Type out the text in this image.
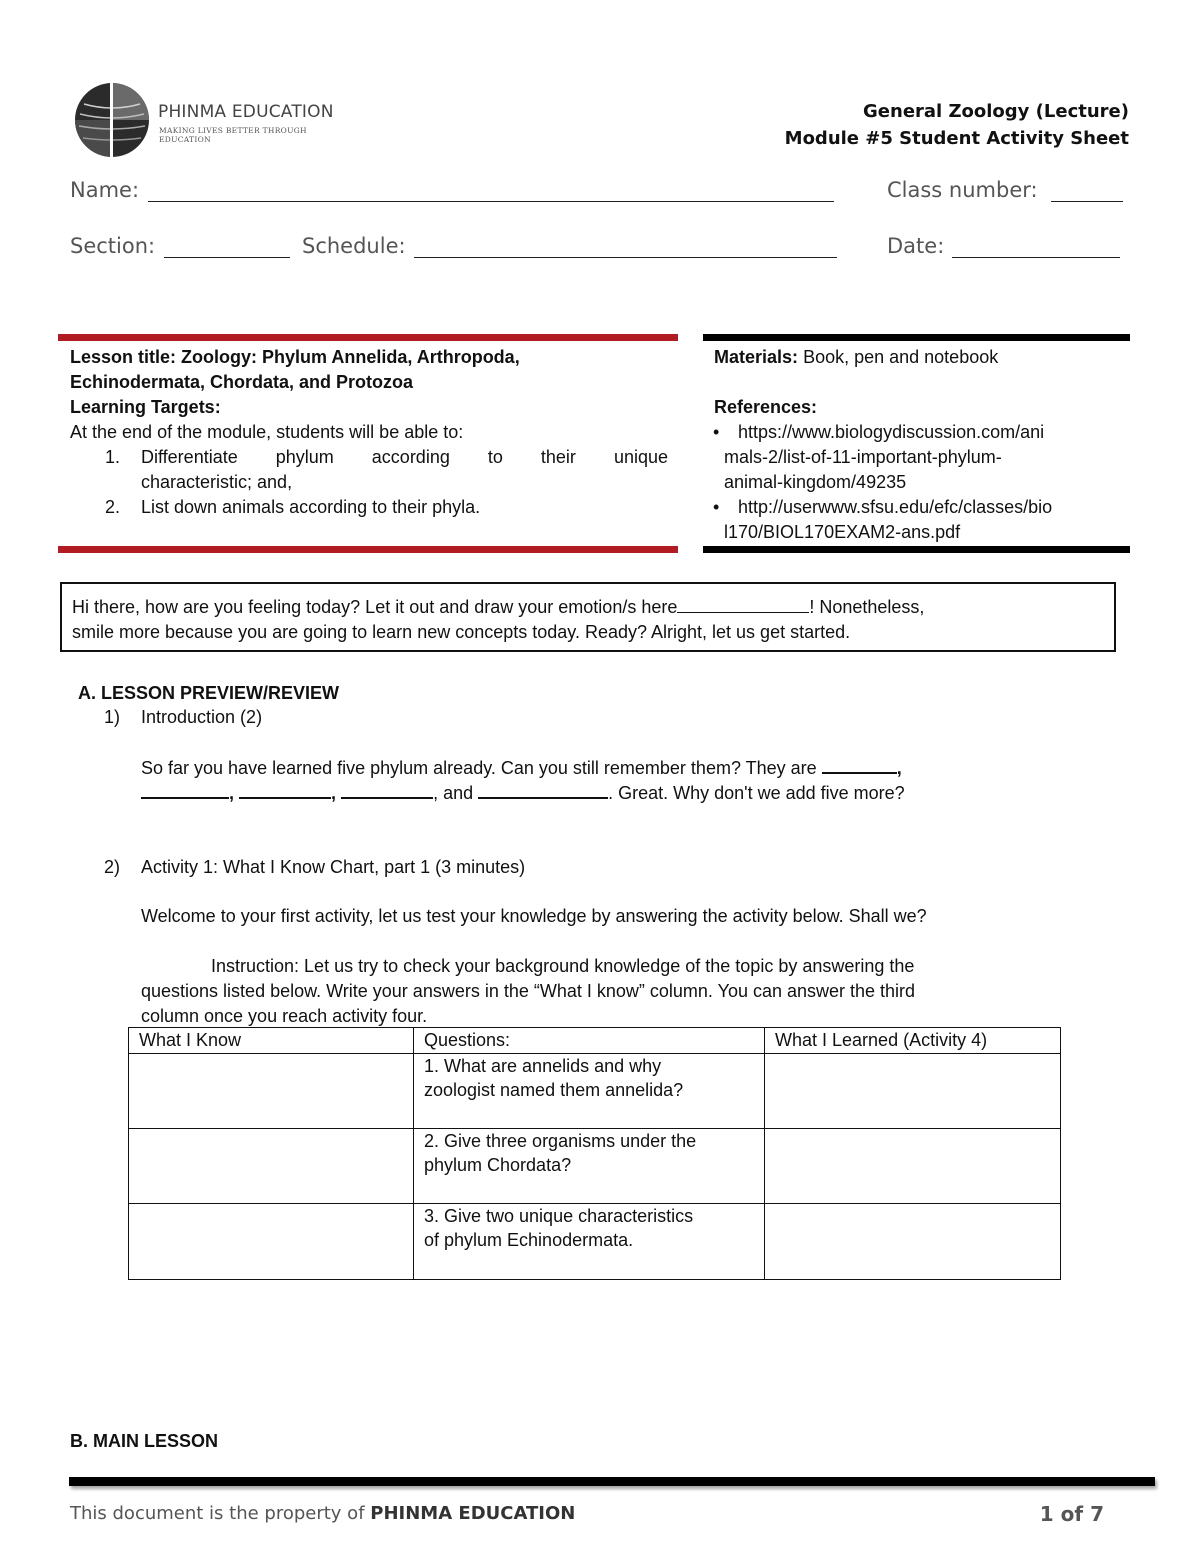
PHINMA EDUCATION
MAKING LIVES BETTER THROUGH EDUCATION
General Zoology (Lecture)
Module #5 Student Activity Sheet
Name:	Class number:
Section:	Schedule:	Date:
Lesson title: Zoology: Phylum Annelida, Arthropoda,
Echinodermata, Chordata, and Protozoa
Learning Targets:
At the end of the module, students will be able to:
1. Differentiate phylum according to their unique
characteristic; and,
2. List down animals according to their phyla.
Materials: Book, pen and notebook
References:
•	https://www.biologydiscussion.com/ani
mals-2/list-of-11-important-phylum-
animal-kingdom/49235
•	http://userwww.sfsu.edu/efc/classes/bio
l170/BIOL170EXAM2-ans.pdf
Hi there, how are you feeling today? Let it out and draw your emotion/s here	! Nonetheless,
smile more because you are going to learn new concepts today. Ready? Alright, let us get started.
A. LESSON PREVIEW/REVIEW
1) Introduction (2)
So far you have learned five phylum already. Can you still remember them? They are	,
,	,	, and	. Great. Why don't we add five more?
2) Activity 1: What I Know Chart, part 1 (3 minutes)
Welcome to your first activity, let us test your knowledge by answering the activity below. Shall we?
Instruction: Let us try to check your background knowledge of the topic by answering the
questions listed below. Write your answers in the “What I know” column. You can answer the third
column once you reach activity four.
What I Know	Questions:	What I Learned (Activity 4)

	1. What are annelids and why
zoologist named them annelida?	

	2. Give three organisms under the
phylum Chordata?	

	3. Give two unique characteristics
of phylum Echinodermata.	

B. MAIN LESSON
This document is the property of PHINMA EDUCATION	1 of 7
